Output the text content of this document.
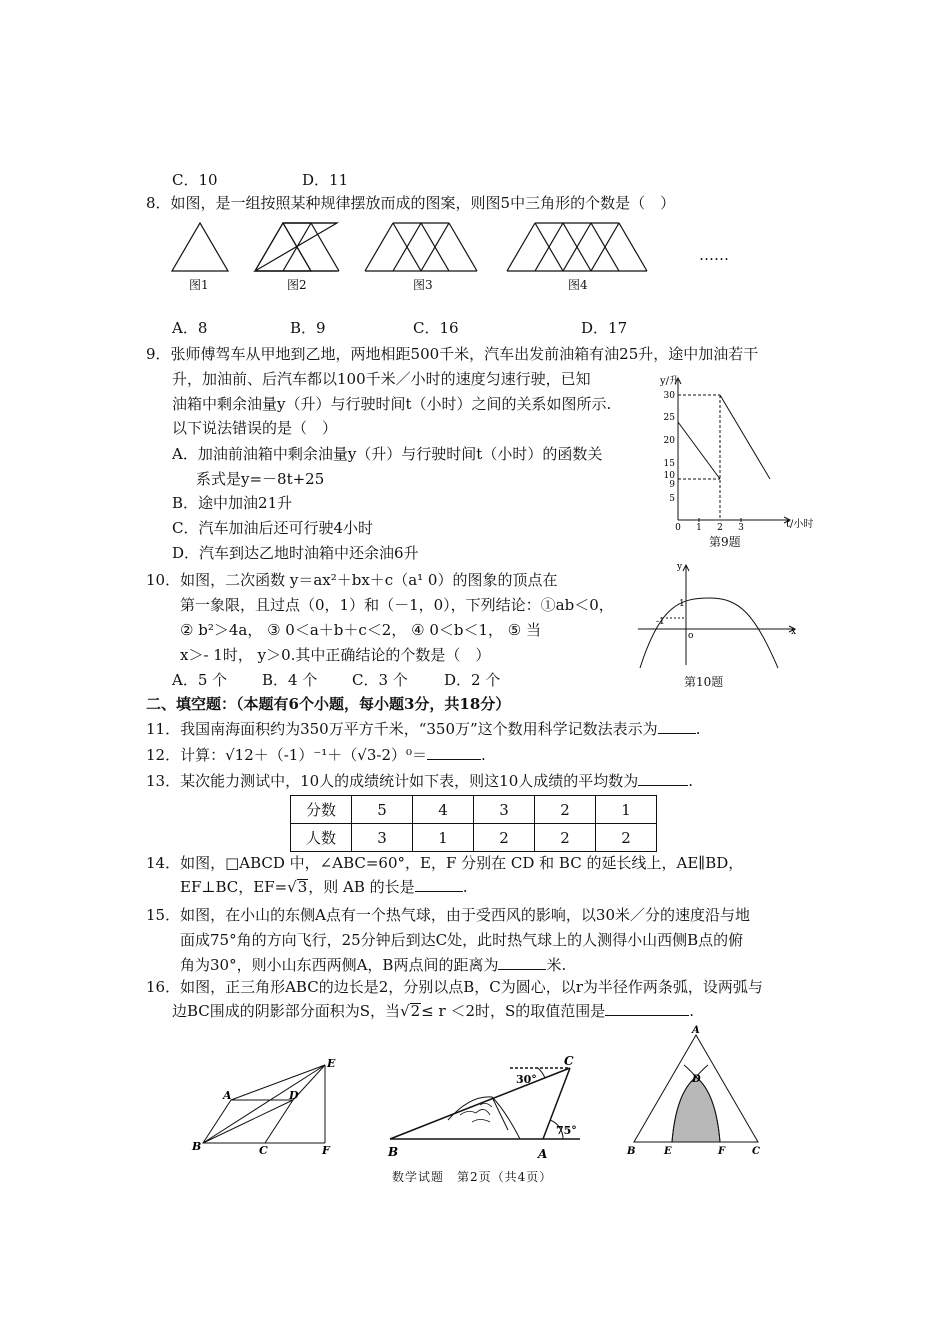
C．10	D．11
8．如图，是一组按照某种规律摆放而成的图案，则图5中三角形的个数是（　）
图1	图2	图3	图4
……
A．8	B．9	C．16	D．17
9．张师傅驾车从甲地到乙地，两地相距500千米，汽车出发前油箱有油25升，途中加油若干
升，加油前、后汽车都以100千米／小时的速度匀速行驶，已知
油箱中剩余油量y（升）与行驶时间t（小时）之间的关系如图所示.
以下说法错误的是（　）
A．加油前油箱中剩余油量y（升）与行驶时间t（小时）的函数关
系式是y=－8t+25
B．途中加油21升
C．汽车加油后还可行驶4小时
D．汽车到达乙地时油箱中还余油6升
y/升
t/小时
30
25
20
15
10
9
5
0 1 2 3
第9题
10．如图，二次函数 y＝ax²＋bx＋c（a¹ 0）的图象的顶点在
第一象限，且过点（0，1）和（－1，0），下列结论：①ab＜0，
② b²＞4a， ③ 0＜a＋b＋c＜2， ④ 0＜b＜1， ⑤ 当
x＞- 1时， y＞0.其中正确结论的个数是（　）
A．5 个 B．4 个 C．3 个 D．2 个
y
x
1
-1
o
第10题
二、填空题：（本题有6个小题，每小题3分，共18分）
11．我国南海面积约为350万平方千米，“350万”这个数用科学记数法表示为	.
12．计算：√12＋（-1）⁻¹＋（√3-2）⁰＝	.
13．某次能力测试中，10人的成绩统计如下表，则这10人成绩的平均数为	.
分数	5	4	3	2	1
人数	3	1	2	2	2
14．如图，□ABCD 中，∠ABC=60°，E，F 分别在 CD 和 BC 的延长线上，AE∥BD，
EF⊥BC，EF=√3，则 AB 的长是	.
15．如图，在小山的东侧A点有一个热气球，由于受西风的影响，以30米／分的速度沿与地
面成75°角的方向飞行，25分钟后到达C处，此时热气球上的人测得小山西侧B点的俯
角为30°，则小山东西两侧A，B两点间的距离为	米.
16．如图，正三角形ABC的边长是2，分别以点B，C为圆心，以r为半径作两条弧，设两弧与
边BC围成的阴影部分面积为S，当√2≤ r ＜2时，S的取值范围是	.
A
B	C
D
E
F	B	A
C
30°
75°
A
B	C
D
E	F
数学试题　第2页（共4页）
